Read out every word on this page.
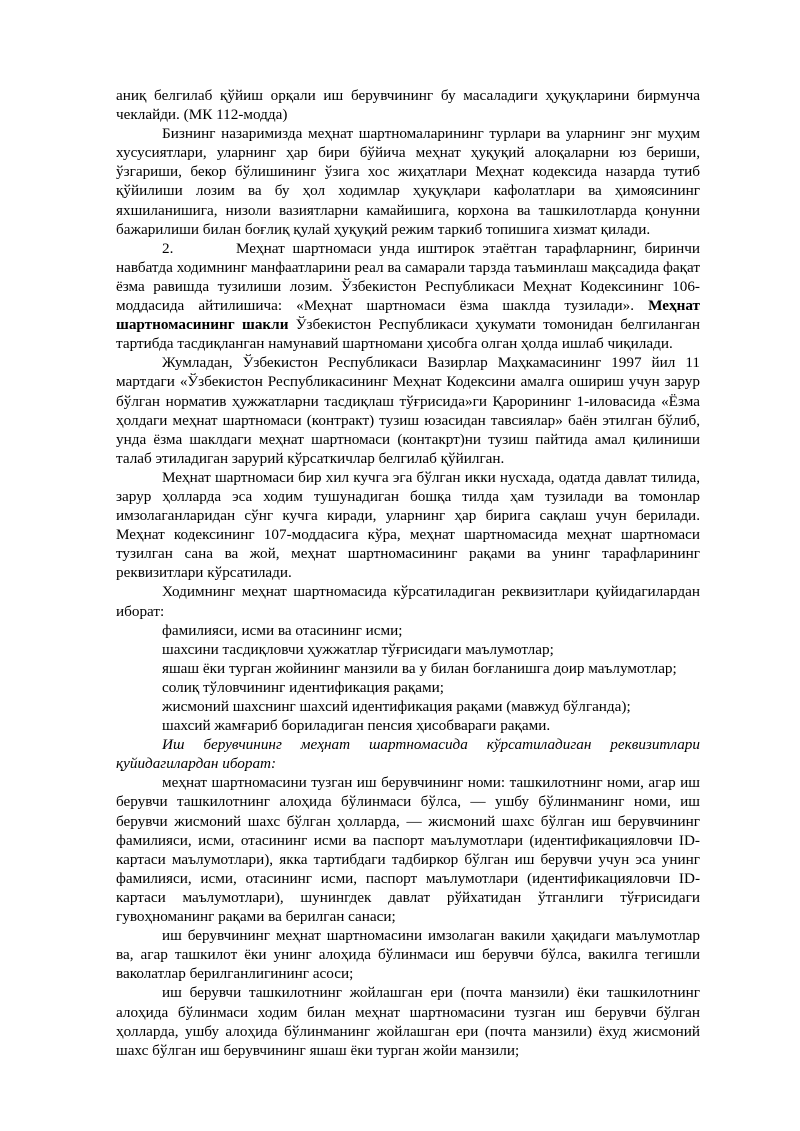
аниқ белгилаб қўйиш орқали иш берувчининг бу масаладиги ҳуқуқларини бирмунча чеклайди. (МК 112-модда)

Бизнинг назаримизда меҳнат шартномаларининг турлари ва уларнинг энг муҳим хусусиятлари, уларнинг ҳар бири бўйича меҳнат ҳуқуқий алоқаларни юз бериши, ўзгариши, бекор бўлишининг ўзига хос жиҳатлари Меҳнат кодексида назарда тутиб қўйилиши лозим ва бу ҳол ходимлар ҳуқуқлари кафолатлари ва ҳимоясининг яхшиланишига, низоли вазиятларни камайишига, корхона ва ташкилотларда қонунни бажарилиши билан боғлиқ қулай ҳуқуқий режим таркиб топишига хизмат қилади.

2.        Меҳнат шартномаси унда иштирок этаётган тарафларнинг, биринчи навбатда ходимнинг манфаатларини реал ва самарали тарзда таъминлаш мақсадида фақат ёзма равишда тузилиши лозим. Ўзбекистон Республикаси Меҳнат Кодексининг 106-моддасида айтилишича: «Меҳнат шартномаси ёзма шаклда тузилади». Меҳнат шартномасининг шакли Ўзбекистон Республикаси ҳукумати томонидан белгиланган тартибда тасдиқланган намунавий шартномани ҳисобга олган ҳолда ишлаб чиқилади.

Жумладан, Ўзбекистон Республикаси Вазирлар Маҳкамасининг 1997 йил 11 мартдаги «Ўзбекистон Республикасининг Меҳнат Кодексини амалга ошириш учун зарур бўлган норматив ҳужжатларни тасдиқлаш тўғрисида»ги Қарорининг 1-иловасида «Ёзма ҳолдаги меҳнат шартномаси (контракт) тузиш юзасидан тавсиялар» баён этилган бўлиб, унда ёзма шаклдаги меҳнат шартномаси (контакрт)ни тузиш пайтида амал қилиниши талаб этиладиган зарурий кўрсаткичлар белгилаб қўйилган.

Меҳнат шартномаси бир хил кучга эга бўлган икки нусхада, одатда давлат тилида, зарур ҳолларда эса ходим тушунадиган бошқа тилда ҳам тузилади ва томонлар имзолаганларидан сўнг кучга киради, уларнинг ҳар бирига сақлаш учун берилади. Меҳнат кодексининг 107-моддасига кўра, меҳнат шартномасида меҳнат шартномаси тузилган сана ва жой, меҳнат шартномасининг рақами ва унинг тарафларининг реквизитлари кўрсатилади.

Ходимнинг меҳнат шартномасида кўрсатиладиган реквизитлари қуйидагилардан иборат:

фамилияси, исми ва отасининг исми;

шахсини тасдиқловчи ҳужжатлар тўғрисидаги маълумотлар;

яшаш ёки турган жойининг манзили ва у билан боғланишга доир маълумотлар;

солиқ тўловчининг идентификация рақами;

жисмоний шахснинг шахсий идентификация рақами (мавжуд бўлганда);

шахсий жамғариб бориладиган пенсия ҳисобвараги рақами.

Иш берувчининг меҳнат шартномасида кўрсатиладиган реквизитлари қуйидагилардан иборат:

меҳнат шартномасини тузган иш берувчининг номи: ташкилотнинг номи, агар иш берувчи ташкилотнинг алоҳида бўлинмаси бўлса, — ушбу бўлинманинг номи, иш берувчи жисмоний шахс бўлган ҳолларда, — жисмоний шахс бўлган иш берувчининг фамилияси, исми, отасининг исми ва паспорт маълумотлари (идентификацияловчи ID-картаси маълумотлари), якка тартибдаги тадбиркор бўлган иш берувчи учун эса унинг фамилияси, исми, отасининг исми, паспорт маълумотлари (идентификацияловчи ID-картаси маълумотлари), шунингдек давлат рўйхатидан ўтганлиги тўғрисидаги гувоҳноманинг рақами ва берилган санаси;

иш берувчининг меҳнат шартномасини имзолаган вакили ҳақидаги маълумотлар ва, агар ташкилот ёки унинг алоҳида бўлинмаси иш берувчи бўлса, вакилга тегишли ваколатлар берилганлигининг асоси;

иш берувчи ташкилотнинг жойлашган ери (почта манзили) ёки ташкилотнинг алоҳида бўлинмаси ходим билан меҳнат шартномасини тузган иш берувчи бўлган ҳолларда, ушбу алоҳида бўлинманинг жойлашган ери (почта манзили) ёхуд жисмоний шахс бўлган иш берувчининг яшаш ёки турган жойи манзили;
